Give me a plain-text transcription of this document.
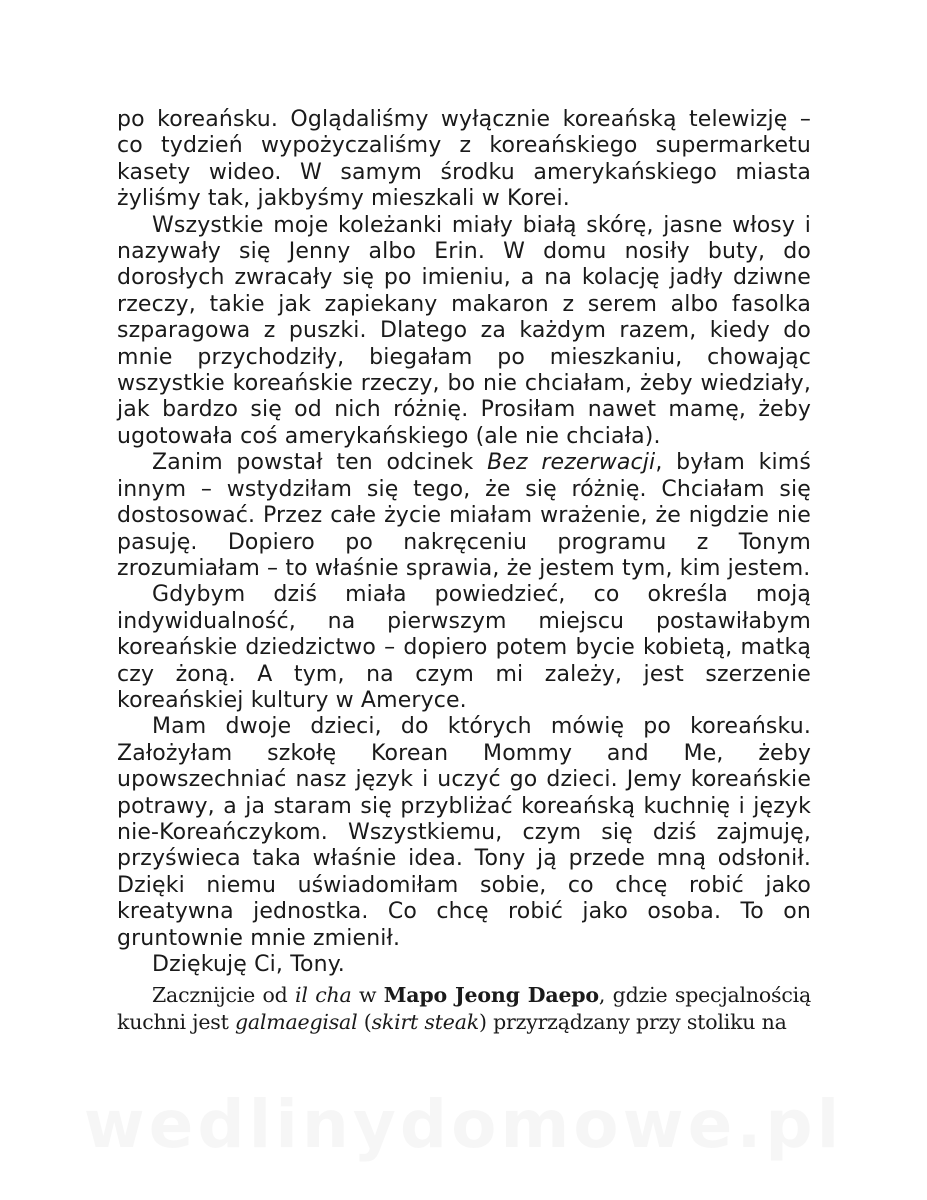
po koreańsku. Oglądaliśmy wyłącznie koreańską telewizję – co tydzień wypożyczaliśmy z koreańskiego supermarketu kasety wideo. W samym środku amerykańskiego miasta żyliśmy tak, jakbyśmy mieszkali w Korei.

Wszystkie moje koleżanki miały białą skórę, jasne włosy i nazywały się Jenny albo Erin. W domu nosiły buty, do dorosłych zwracały się po imieniu, a na kolację jadły dziwne rzeczy, takie jak zapiekany makaron z serem albo fasolka szparagowa z puszki. Dlatego za każdym razem, kiedy do mnie przychodziły, biegałam po mieszkaniu, chowając wszystkie koreańskie rzeczy, bo nie chciałam, żeby wiedziały, jak bardzo się od nich różnię. Prosiłam nawet mamę, żeby ugotowała coś amerykańskiego (ale nie chciała).

Zanim powstał ten odcinek Bez rezerwacji, byłam kimś innym – wstydziłam się tego, że się różnię. Chciałam się dostosować. Przez całe życie miałam wrażenie, że nigdzie nie pasuję. Dopiero po nakręceniu programu z Tonym zrozumiałam – to właśnie sprawia, że jestem tym, kim jestem.

Gdybym dziś miała powiedzieć, co określa moją indywidualność, na pierwszym miejscu postawiłabym koreańskie dziedzictwo – dopiero potem bycie kobietą, matką czy żoną. A tym, na czym mi zależy, jest szerzenie koreańskiej kultury w Ameryce.

Mam dwoje dzieci, do których mówię po koreańsku. Założyłam szkołę Korean Mommy and Me, żeby upowszechniać nasz język i uczyć go dzieci. Jemy koreańskie potrawy, a ja staram się przybliżać koreańską kuchnię i język nie-Koreańczykom. Wszystkiemu, czym się dziś zajmuję, przyświeca taka właśnie idea. Tony ją przede mną odsłonił. Dzięki niemu uświadomiłam sobie, co chcę robić jako kreatywna jednostka. Co chcę robić jako osoba. To on gruntownie mnie zmienił.

Dziękuję Ci, Tony.

Zacznijcie od il cha w Mapo Jeong Daepo, gdzie specjalnością kuchni jest galmaegisal (skirt steak) przyrządzany przy stoliku na
